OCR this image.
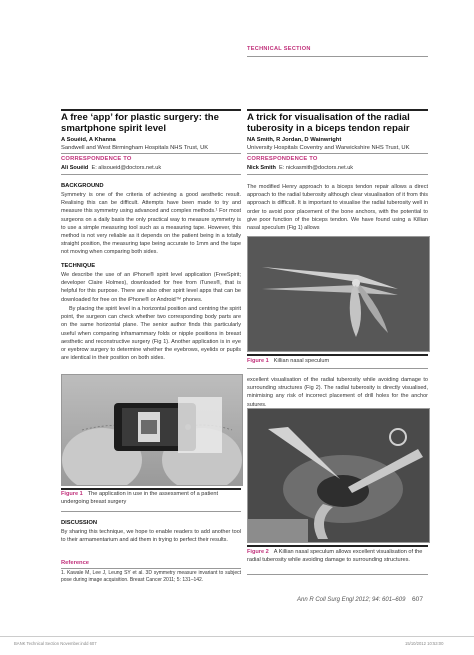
TECHNICAL SECTION
A free ‘app’ for plastic surgery: the smartphone spirit level
A Souéid, A Khanna
Sandwell and West Birmingham Hospitals NHS Trust, UK
CORRESPONDENCE TO
Ali Souéid E: alisoueid@doctors.net.uk
A trick for visualisation of the radial tuberosity in a biceps tendon repair
NA Smith, R Jordan, D Wainwright
University Hospitals Coventry and Warwickshire NHS Trust, UK
CORRESPONDENCE TO
Nick Smith E: nickasmith@doctors.net.uk
BACKGROUND
Symmetry is one of the criteria of achieving a good aesthetic result. Realising this can be difficult. Attempts have been made to try and measure this symmetry using advanced and complex methods.¹ For most surgeons on a daily basis the only practical way to measure symmetry is to use a simple measuring tool such as a measuring tape. However, this method is not very reliable as it depends on the patient being in a totally straight position, the measuring tape being accurate to 1mm and the tape not moving when comparing both sides.
TECHNIQUE
We describe the use of an iPhone® spirit level application (FreeSpirit; developer Claire Holmes), downloaded for free from iTunes®, that is helpful for this purpose. There are also other spirit level apps that can be downloaded for free on the iPhone® or Android™ phones.
By placing the spirit level in a horizontal position and centring the spirit point, the surgeon can check whether two corresponding body parts are on the same horizontal plane. The senior author finds this particularly useful when comparing inframammary folds or nipple positions in breast aesthetic and reconstructive surgery (Fig 1). Another application is in eye or eyebrow surgery to determine whether the eyebrows, eyelids or pupils are identical in their position on both sides.
Figure 1 The application in use in the assessment of a patient undergoing breast surgery
DISCUSSION
By sharing this technique, we hope to enable readers to add another tool to their armamentarium and aid them in trying to perfect their results.
Reference
1. Kawale M, Lee J, Leung SY et al. 3D symmetry measure invariant to subject pose during image acquisition. Breast Cancer 2011; 5: 131–142.
The modified Henry approach to a biceps tendon repair allows a direct approach to the radial tuberosity although clear visualisation of it from this approach is difficult. It is important to visualise the radial tuberosity well in order to avoid poor placement of the bone anchors, with the potential to give poor function of the biceps tendon. We have found using a Killian nasal speculum (Fig 1) allows
Figure 1 Killian nasal speculum
excellent visualisation of the radial tuberosity while avoiding damage to surrounding structures (Fig 2). The radial tuberosity is directly visualised, minimising any risk of incorrect placement of drill holes for the anchor sutures.
Figure 2 A Killian nasal speculum allows excellent visualisation of the radial tuberosity while avoiding damage to surrounding structures.
Ann R Coll Surg Engl 2012; 94: 601–609 607
BANK Technical Section November.indd 607	15/10/2012 10:53:00
